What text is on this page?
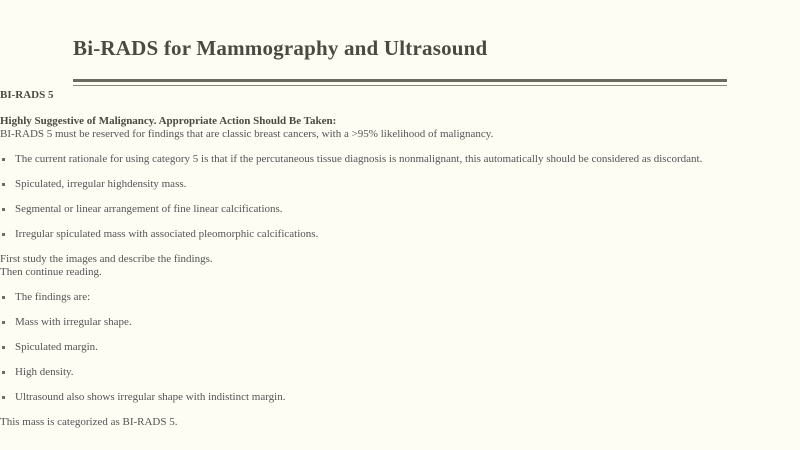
Bi-RADS for Mammography and Ultrasound
BI-RADS 5
Highly Suggestive of Malignancy. Appropriate Action Should Be Taken:
BI-RADS 5 must be reserved for findings that are classic breast cancers, with a >95% likelihood of malignancy.
The current rationale for using category 5 is that if the percutaneous tissue diagnosis is nonmalignant, this automatically should be considered as discordant.
Spiculated, irregular highdensity mass.
Segmental or linear arrangement of fine linear calcifications.
Irregular spiculated mass with associated pleomorphic calcifications.
First study the images and describe the findings.
Then continue reading.
The findings are:
Mass with irregular shape.
Spiculated margin.
High density.
Ultrasound also shows irregular shape with indistinct margin.
This mass is categorized as BI-RADS 5.
